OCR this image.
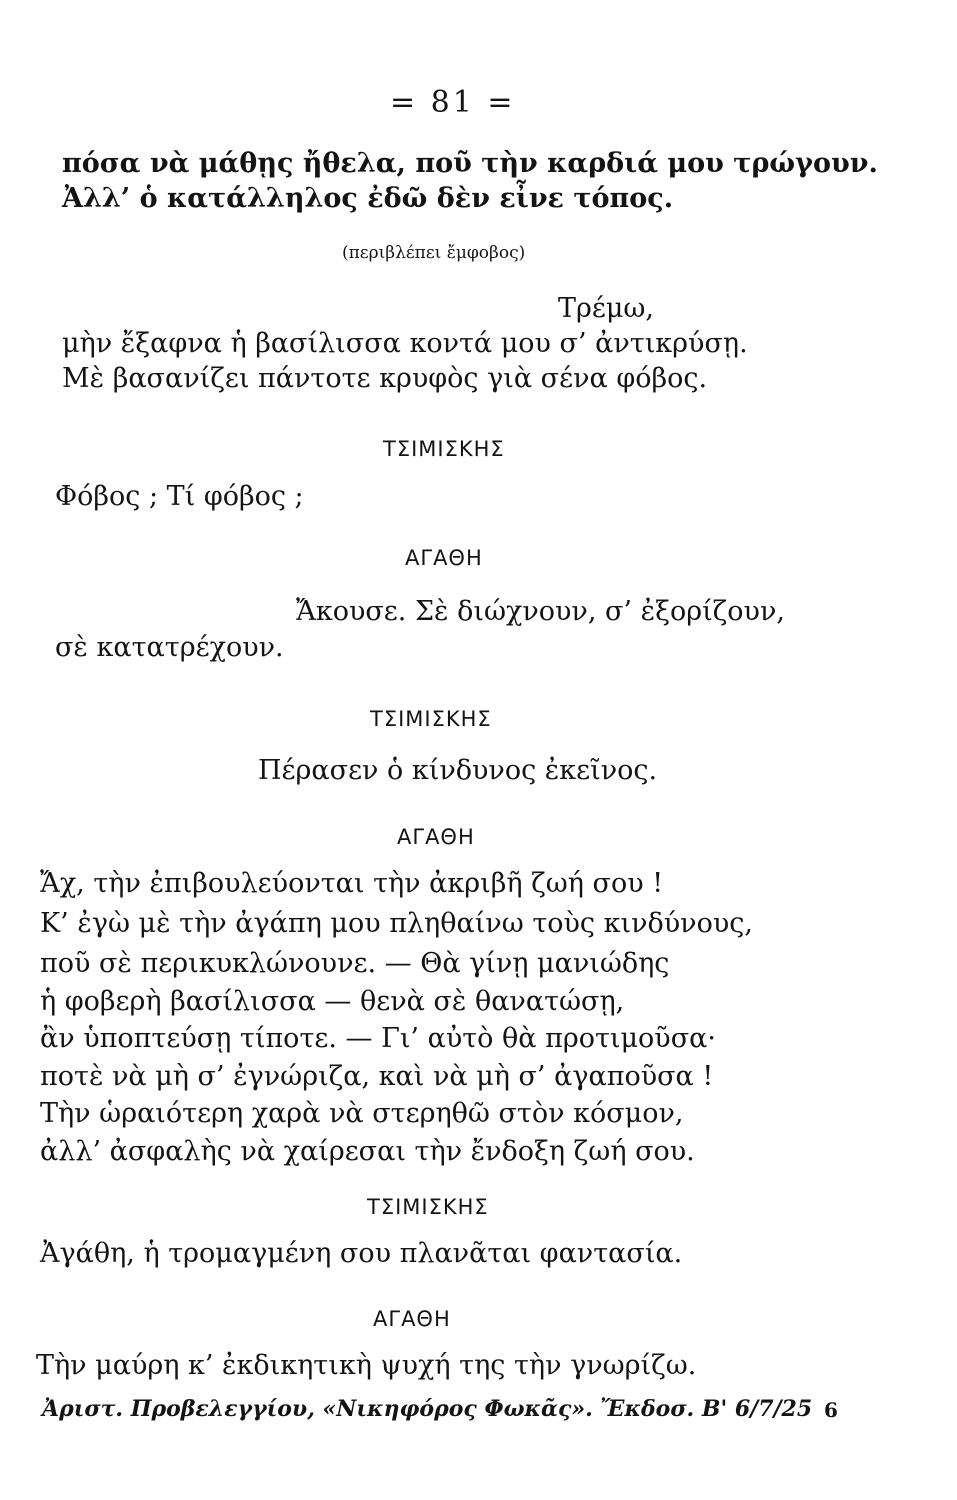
= 81 =
πόσα νὰ μάθῃς ἤθελα, ποῦ τὴν καρδιά μου τρώγουν.
Ἀλλ’ ὁ κατάλληλος ἐδῶ δὲν εἶνε τόπος.
(περιβλέπει ἔμφοβος)
Τρέμω,
μὴν ἔξαφνα ἡ βασίλισσα κοντά μου σ’ ἀντικρύσῃ.
Μὲ βασανίζει πάντοτε κρυφὸς γιὰ σένα φόβος.
ΤΣΙΜΙΣΚΗΣ
Φόβος ; Τί φόβος ;
ΑΓΑΘΗ
Ἄκουσε. Σὲ διώχνουν, σ’ ἐξορίζουν,
σὲ κατατρέχουν.
ΤΣΙΜΙΣΚΗΣ
Πέρασεν ὁ κίνδυνος ἐκεῖνος.
ΑΓΑΘΗ
Ἄχ, τὴν ἐπιβουλεύονται τὴν ἀκριβῆ ζωή σου !
Κ’ ἐγὼ μὲ τὴν ἀγάπη μου πληθαίνω τοὺς κινδύνους,
ποῦ σὲ περικυκλώνουνε. — Θὰ γίνῃ μανιώδης
ἡ φοβερὴ βασίλισσα — θενὰ σὲ θανατώσῃ,
ἂν ὑποπτεύσῃ τίποτε. — Γι’ αὐτὸ θὰ προτιμοῦσα·
ποτὲ νὰ μὴ σ’ ἐγνώριζα, καὶ νὰ μὴ σ’ ἀγαποῦσα !
Τὴν ὡραιότερη χαρὰ νὰ στερηθῶ στὸν κόσμον,
ἀλλ’ ἀσφαλὴς νὰ χαίρεσαι τὴν ἔνδοξη ζωή σου.
ΤΣΙΜΙΣΚΗΣ
Ἀγάθη, ἡ τρομαγμένη σου πλανᾶται φαντασία.
ΑΓΑΘΗ
Τὴν μαύρη κ’ ἐκδικητικὴ ψυχή της τὴν γνωρίζω.
Ἀριστ. Προβελεγγίου, «Νικηφόρος Φωκᾶς». Ἔκδοσ. Β' 6/7/25 6
